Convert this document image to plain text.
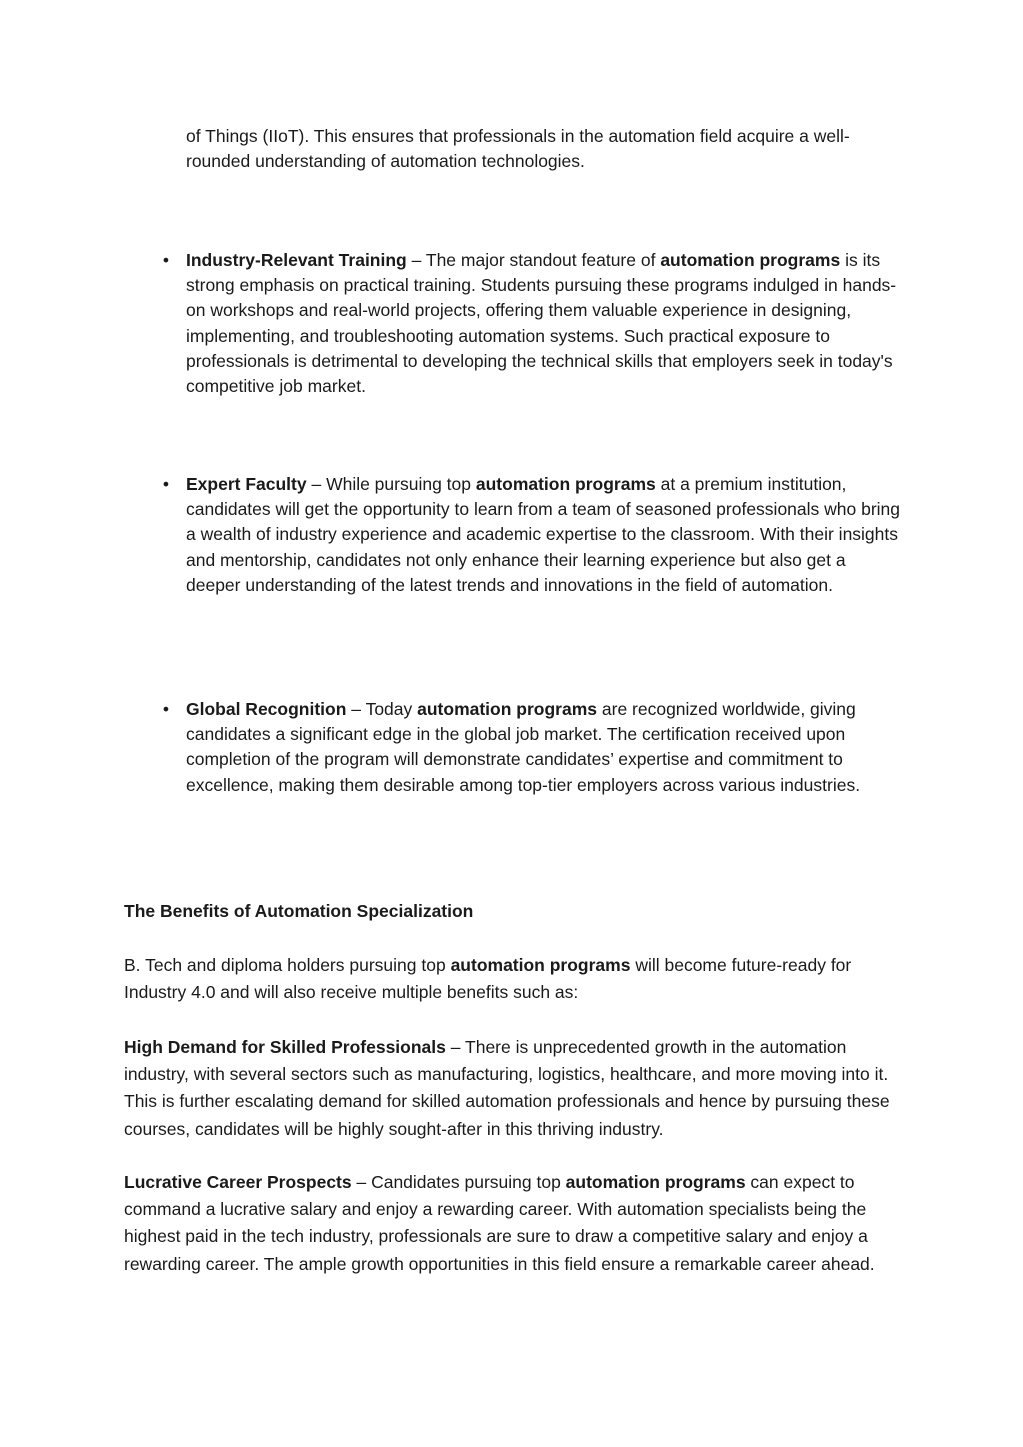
of Things (IIoT). This ensures that professionals in the automation field acquire a well-rounded understanding of automation technologies.

• Industry-Relevant Training – The major standout feature of automation programs is its strong emphasis on practical training. Students pursuing these programs indulged in hands-on workshops and real-world projects, offering them valuable experience in designing, implementing, and troubleshooting automation systems. Such practical exposure to professionals is detrimental to developing the technical skills that employers seek in today's competitive job market.
• Expert Faculty – While pursuing top automation programs at a premium institution, candidates will get the opportunity to learn from a team of seasoned professionals who bring a wealth of industry experience and academic expertise to the classroom. With their insights and mentorship, candidates not only enhance their learning experience but also get a deeper understanding of the latest trends and innovations in the field of automation.
• Global Recognition – Today automation programs are recognized worldwide, giving candidates a significant edge in the global job market. The certification received upon completion of the program will demonstrate candidates’ expertise and commitment to excellence, making them desirable among top-tier employers across various industries.
The Benefits of Automation Specialization

B. Tech and diploma holders pursuing top automation programs will become future-ready for Industry 4.0 and will also receive multiple benefits such as:

High Demand for Skilled Professionals – There is unprecedented growth in the automation industry, with several sectors such as manufacturing, logistics, healthcare, and more moving into it. This is further escalating demand for skilled automation professionals and hence by pursuing these courses, candidates will be highly sought-after in this thriving industry.

Lucrative Career Prospects – Candidates pursuing top automation programs can expect to command a lucrative salary and enjoy a rewarding career. With automation specialists being the highest paid in the tech industry, professionals are sure to draw a competitive salary and enjoy a rewarding career. The ample growth opportunities in this field ensure a remarkable career ahead.
